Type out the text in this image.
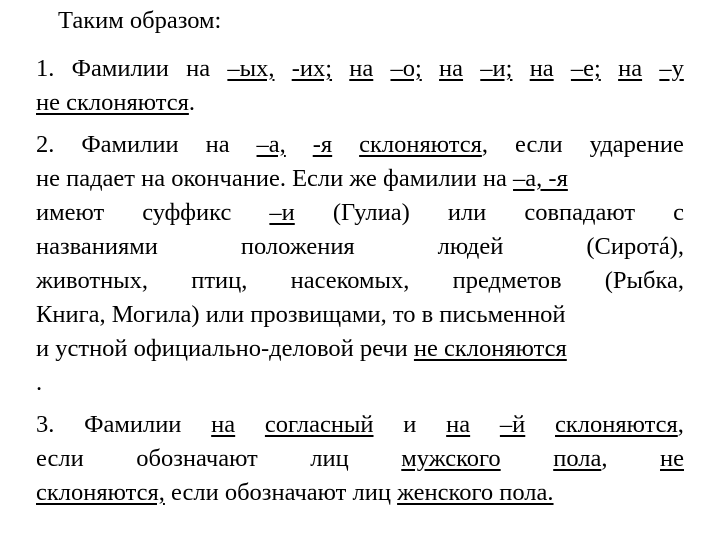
Таким образом:
1. Фамилии на –ых, -их; на –о; на –и; на –е; на –у
не склоняются.
2. Фамилии на –а, -я склоняются, если ударение
не падает на окончание. Если же фамилии на –а, -я
имеют суффикс –и (Гулиа) или совпадают с
названиями	положения	людей	(Сиротá),
животных, птиц, насекомых, предметов (Рыбка,
Книга, Могила) или прозвищами, то в письменной
и устной официально-деловой речи не склоняются
.
3. Фамилии на согласный и на –й склоняются,
если обозначают лиц мужского пола, не
склоняются, если обозначают лиц женского пола.
